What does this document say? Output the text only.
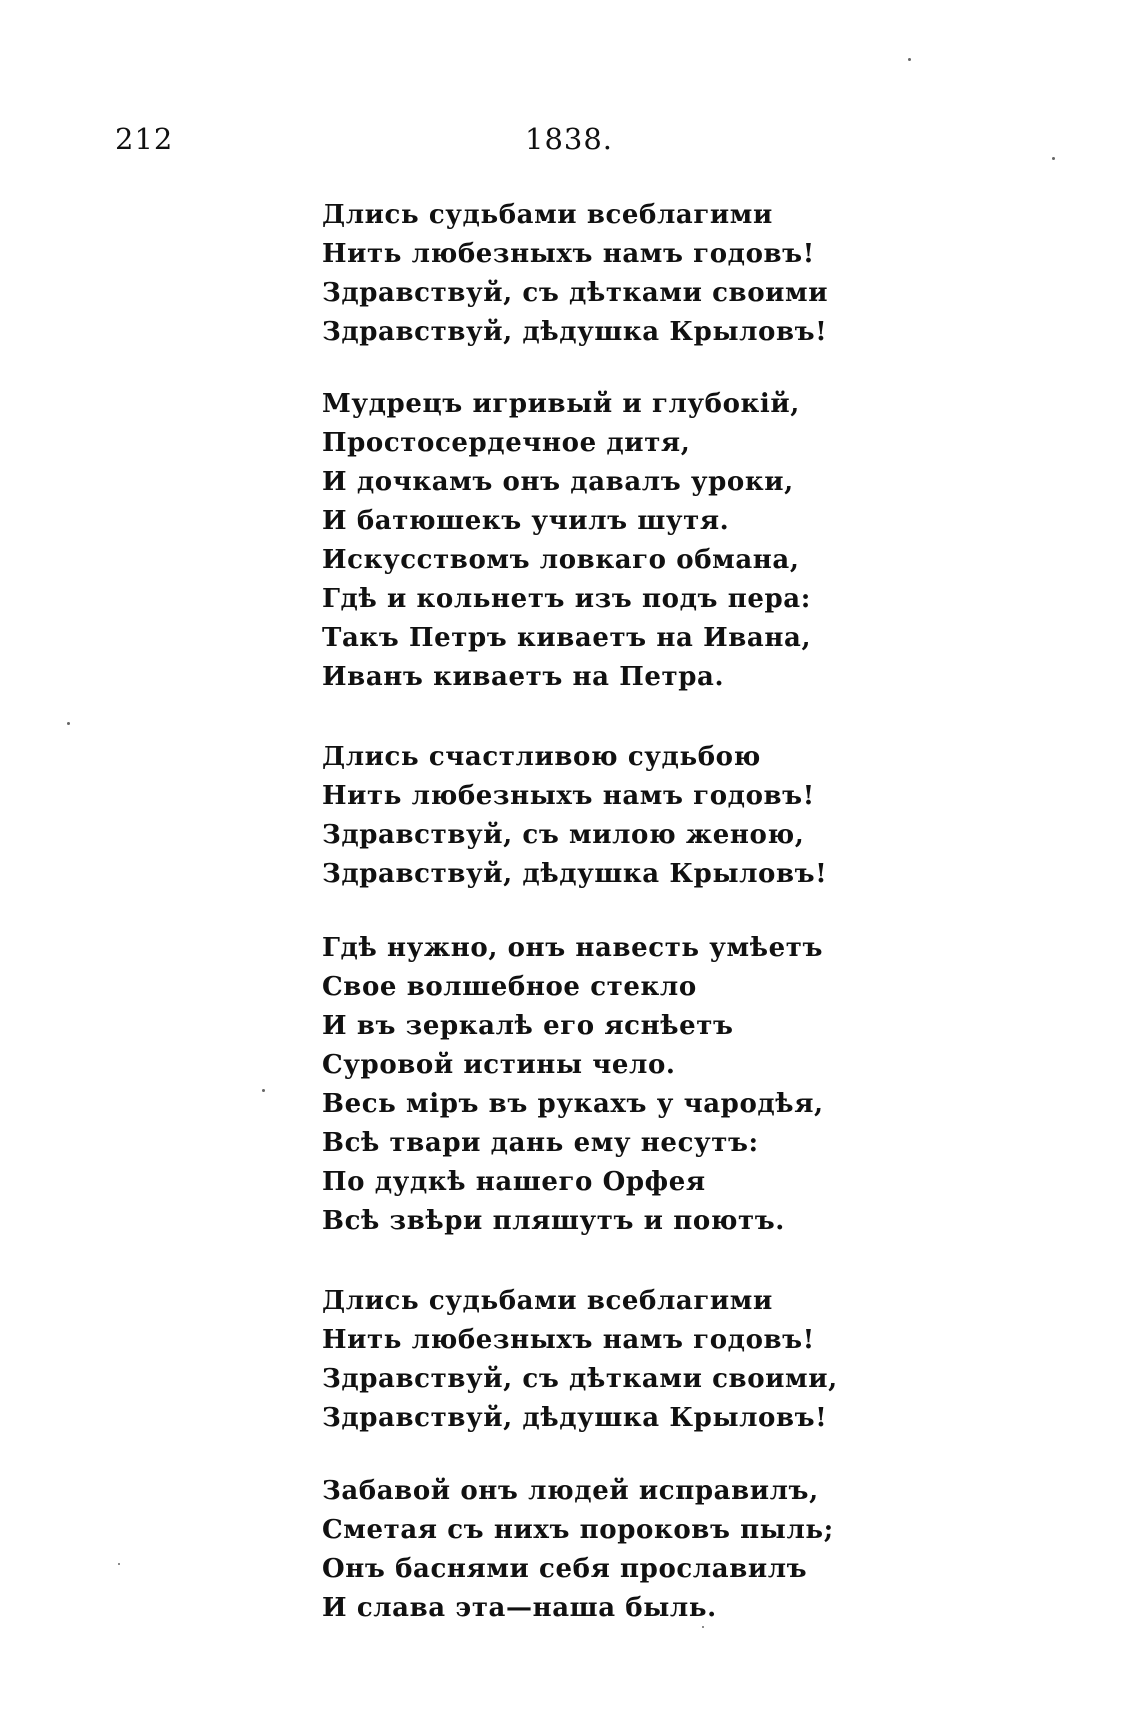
212	1838.
Длись судьбами всеблагими
Нить любезныхъ намъ годовъ!
Здравствуй, съ дѣтками своими
Здравствуй, дѣдушка Крыловъ!
Мудрецъ игривый и глубокій,
Простосердечное дитя,
И дочкамъ онъ давалъ уроки,
И батюшекъ училъ шутя.
Искусствомъ ловкаго обмана,
Гдѣ и кольнетъ изъ подъ пера:
Такъ Петръ киваетъ на Ивана,
Иванъ киваетъ на Петра.
Длись счастливою судьбою
Нить любезныхъ намъ годовъ!
Здравствуй, съ милою женою,
Здравствуй, дѣдушка Крыловъ!
Гдѣ нужно, онъ навесть умѣетъ
Свое волшебное стекло
И въ зеркалѣ его яснѣетъ
Суровой истины чело.
Весь міръ въ рукахъ у чародѣя,
Всѣ твари дань ему несутъ:
По дудкѣ нашего Орфея
Всѣ звѣри пляшутъ и поютъ.
Длись судьбами всеблагими
Нить любезныхъ намъ годовъ!
Здравствуй, съ дѣтками своими,
Здравствуй, дѣдушка Крыловъ!
Забавой онъ людей исправилъ,
Сметая съ нихъ пороковъ пыль;
Онъ баснями себя прославилъ
И слава эта—наша быль.
